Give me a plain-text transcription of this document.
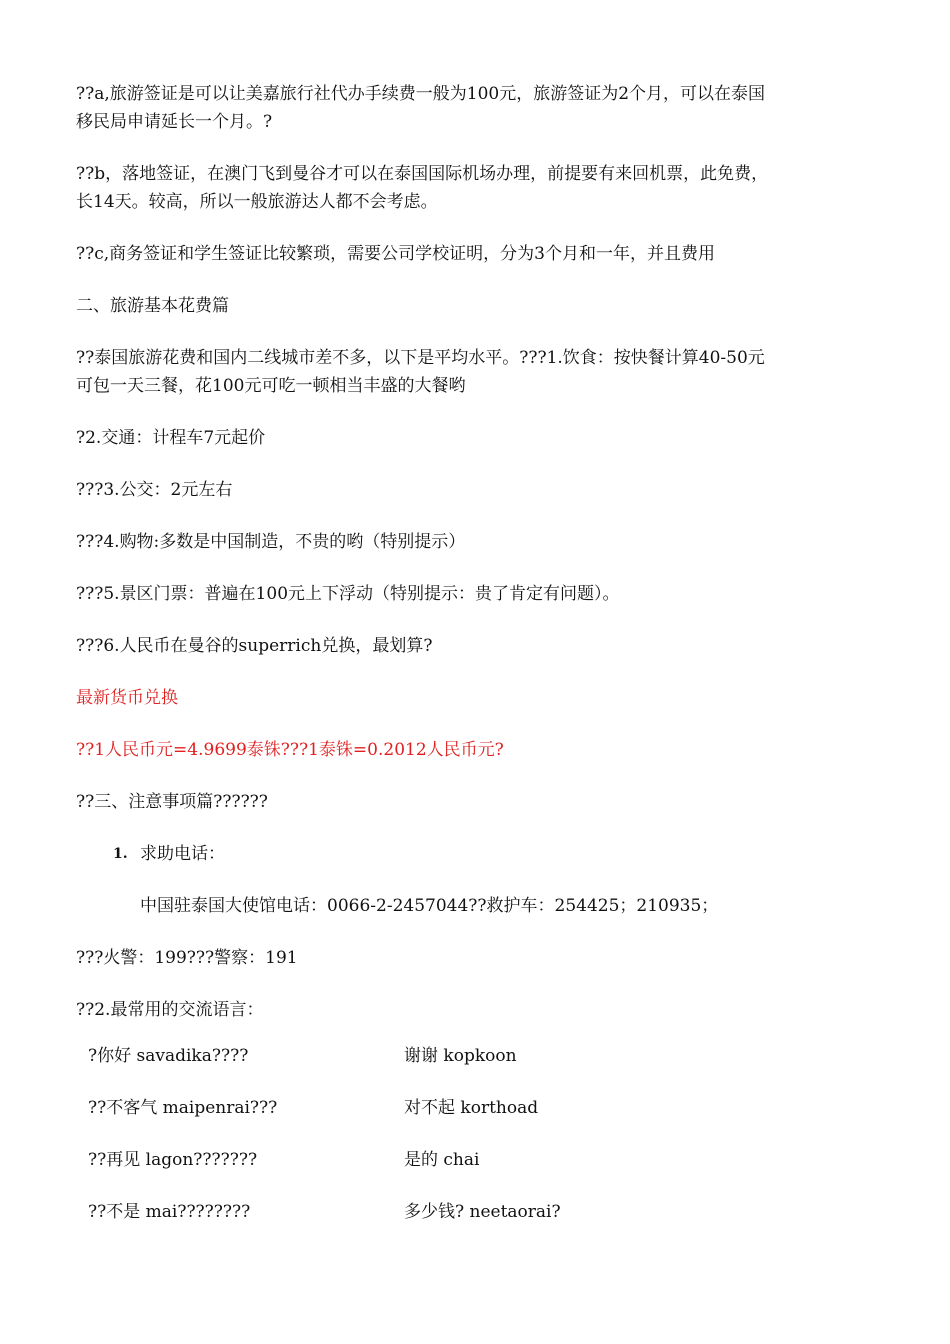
??a,旅游签证是可以让美嘉旅行社代办手续费一般为100元，旅游签证为2个月，可以在泰国

移民局申请延长一个月。?

??b，落地签证，在澳门飞到曼谷才可以在泰国国际机场办理，前提要有来回机票，此免费，

长14天。较高，所以一般旅游达人都不会考虑。

??c,商务签证和学生签证比较繁琐，需要公司学校证明，分为3个月和一年，并且费用

二、旅游基本花费篇

??泰国旅游花费和国内二线城市差不多，以下是平均水平。???1.饮食：按快餐计算40-50元

可包一天三餐，花100元可吃一顿相当丰盛的大餐哟

?2.交通：计程车7元起价

???3.公交：2元左右

???4.购物:多数是中国制造，不贵的哟（特别提示）

???5.景区门票：普遍在100元上下浮动（特别提示：贵了肯定有问题）。

???6.人民币在曼谷的superrich兑换，最划算?

最新货币兑换

??1人民币元=4.9699泰铢???1泰铢=0.2012人民币元?

??三、注意事项篇??????

1. 求助电话：

中国驻泰国大使馆电话：0066-2-2457044??救护车：254425；210935；

???火警：199???警察：191

??2.最常用的交流语言：

?你好 savadika????	谢谢 kopkoon
??不客气 maipenrai???	对不起 korthoad
??再见 lagon???????	是的 chai
??不是 mai????????	多少钱? neetaorai?
